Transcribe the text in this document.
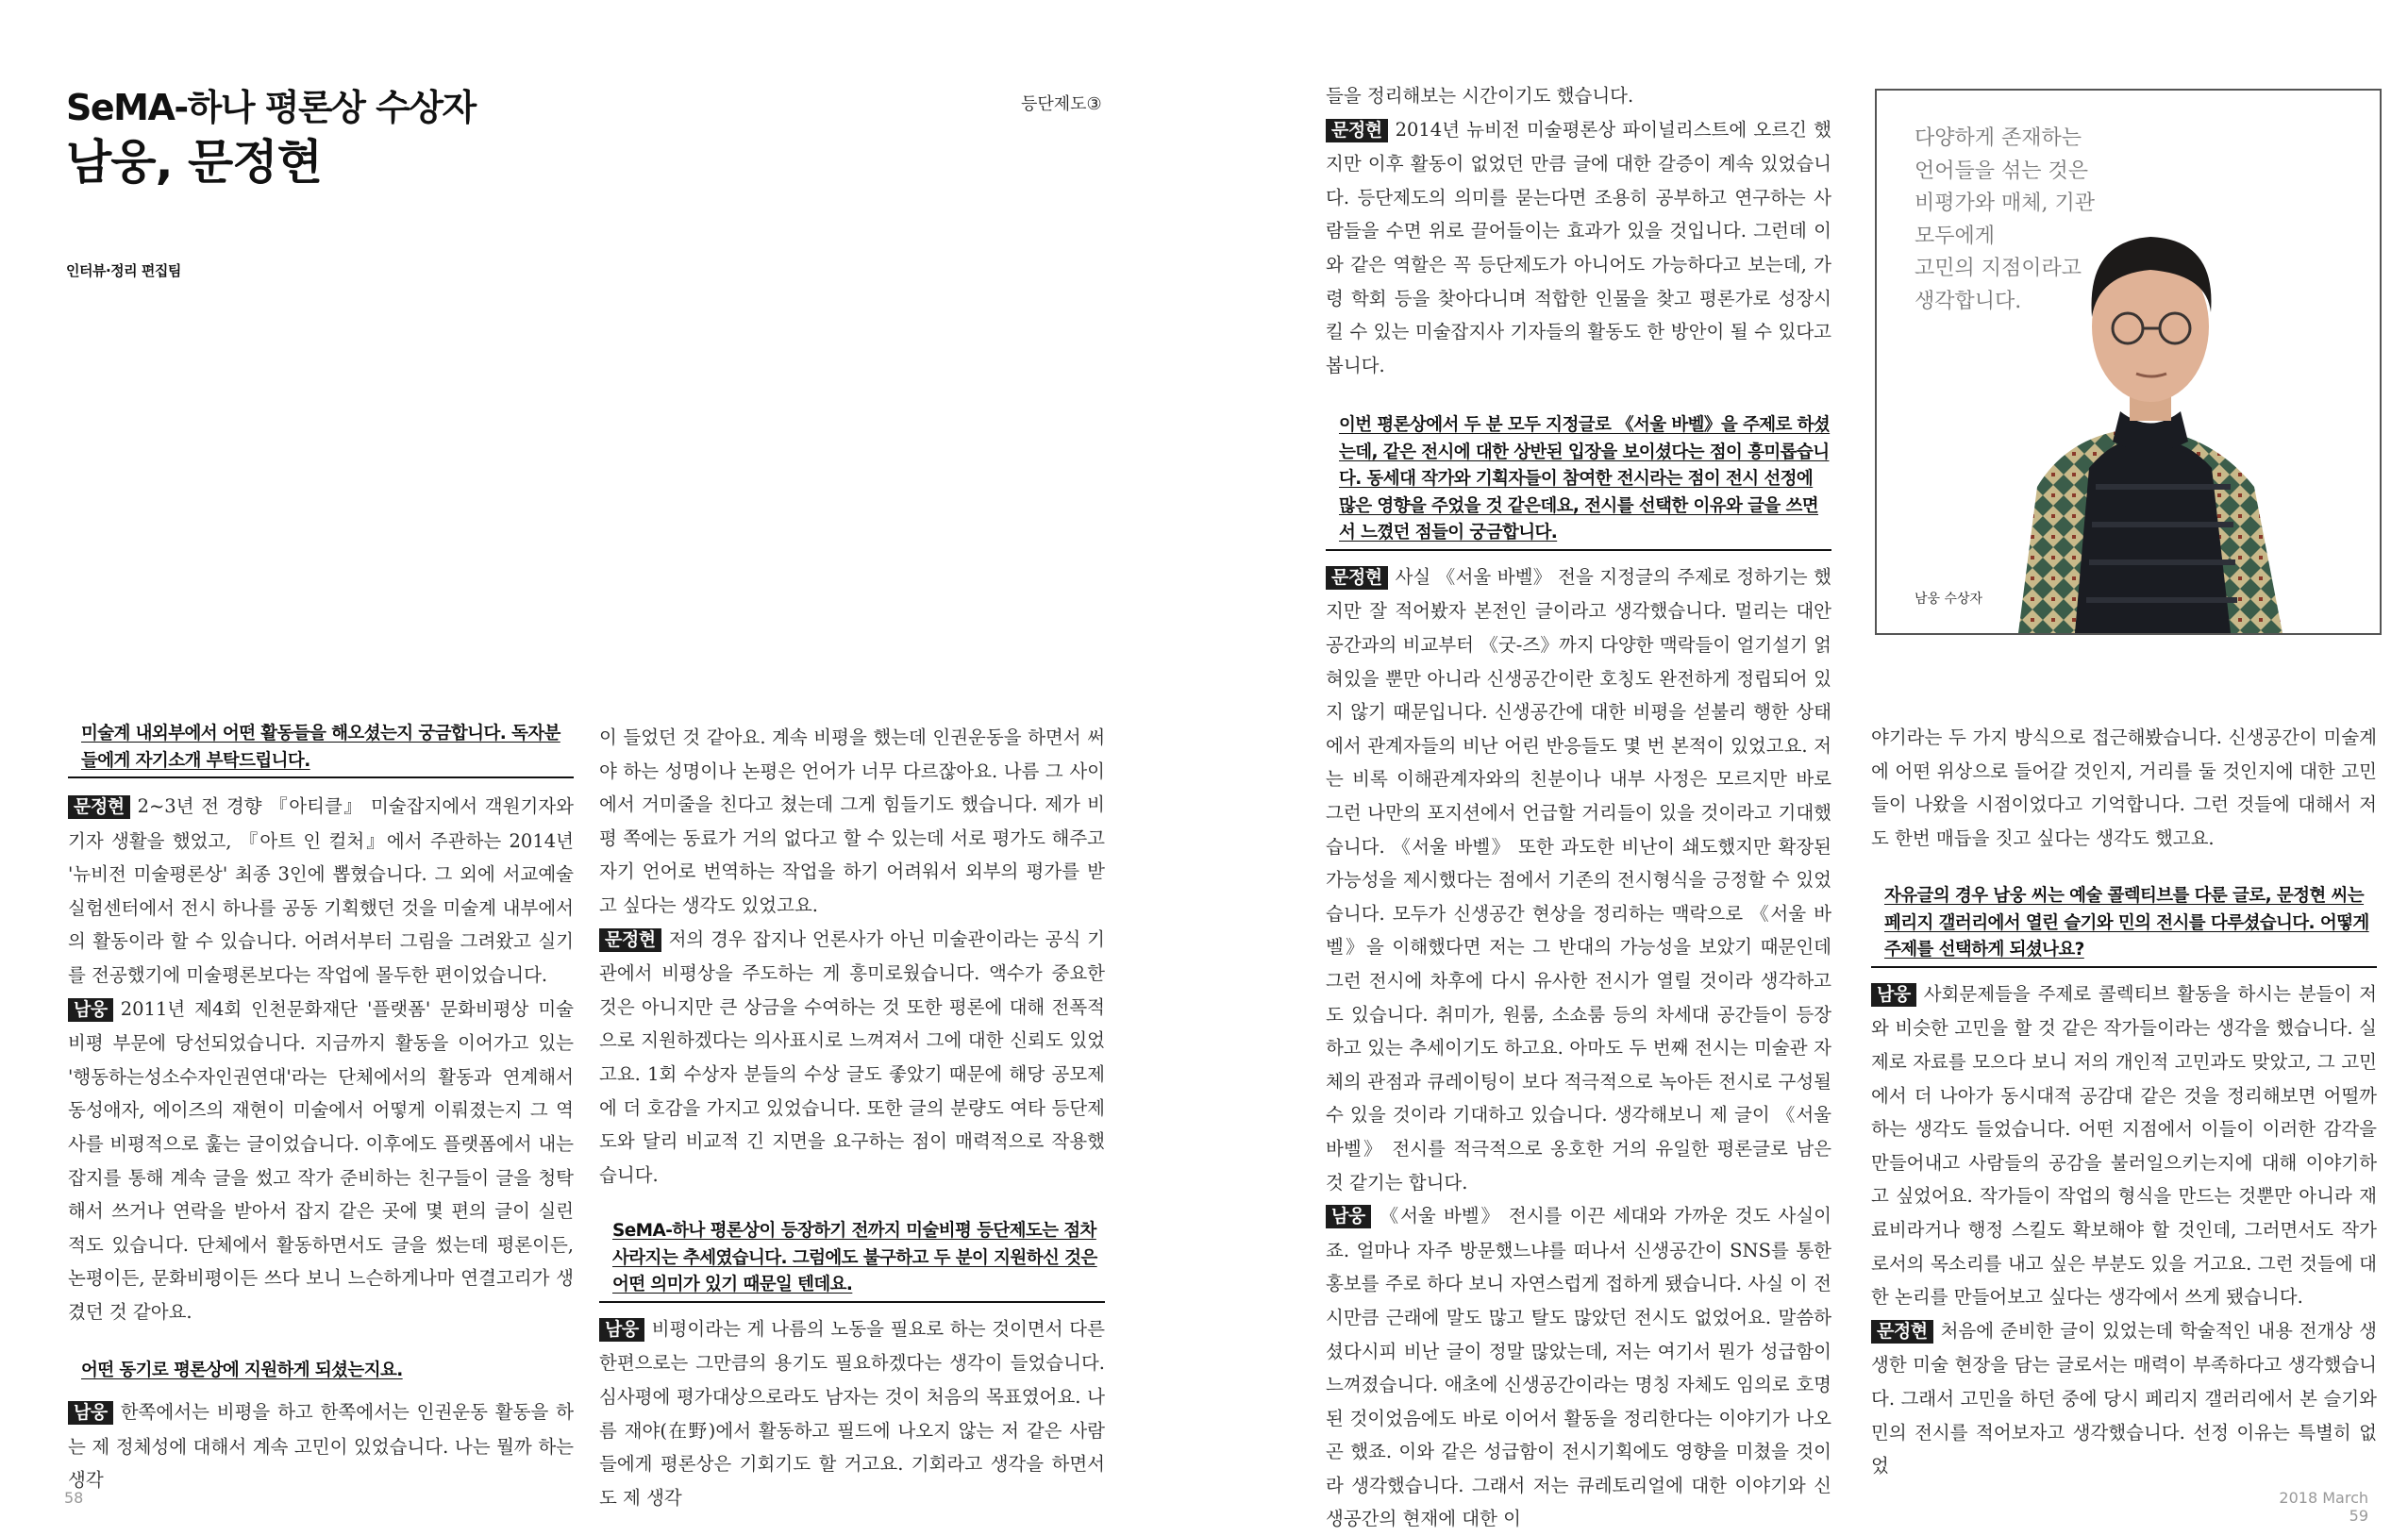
SeMA-하나 평론상 수상자
남웅, 문정현
인터뷰·정리 편집팀
등단제도③
미술계 내외부에서 어떤 활동들을 해오셨는지 궁금합니다. 독자분
들에게 자기소개 부탁드립니다.

문정현 2~3년 전 경향 『아티클』 미술잡지에서 객원기자와 기자 생활을 했었고, 『아트 인 컬처』에서 주관하는 2014년 '뉴비전 미술평론상' 최종 3인에 뽑혔습니다. 그 외에 서교예술실험센터에서 전시 하나를 공동 기획했던 것을 미술계 내부에서의 활동이라 할 수 있습니다. 어려서부터 그림을 그려왔고 실기를 전공했기에 미술평론보다는 작업에 몰두한 편이었습니다.

남웅 2011년 제4회 인천문화재단 '플랫폼' 문화비평상 미술비평 부문에 당선되었습니다. 지금까지 활동을 이어가고 있는 '행동하는성소수자인권연대'라는 단체에서의 활동과 연계해서 동성애자, 에이즈의 재현이 미술에서 어떻게 이뤄졌는지 그 역사를 비평적으로 훑는 글이었습니다. 이후에도 플랫폼에서 내는 잡지를 통해 계속 글을 썼고 작가 준비하는 친구들이 글을 청탁해서 쓰거나 연락을 받아서 잡지 같은 곳에 몇 편의 글이 실린 적도 있습니다. 단체에서 활동하면서도 글을 썼는데 평론이든, 논평이든, 문화비평이든 쓰다 보니 느슨하게나마 연결고리가 생겼던 것 같아요.

어떤 동기로 평론상에 지원하게 되셨는지요.

남웅 한쪽에서는 비평을 하고 한쪽에서는 인권운동 활동을 하는 제 정체성에 대해서 계속 고민이 있었습니다. 나는 뭘까 하는 생각

이 들었던 것 같아요. 계속 비평을 했는데 인권운동을 하면서 써야 하는 성명이나 논평은 언어가 너무 다르잖아요. 나름 그 사이에서 거미줄을 친다고 쳤는데 그게 힘들기도 했습니다. 제가 비평 쪽에는 동료가 거의 없다고 할 수 있는데 서로 평가도 해주고 자기 언어로 번역하는 작업을 하기 어려워서 외부의 평가를 받고 싶다는 생각도 있었고요.

문정현 저의 경우 잡지나 언론사가 아닌 미술관이라는 공식 기관에서 비평상을 주도하는 게 흥미로웠습니다. 액수가 중요한 것은 아니지만 큰 상금을 수여하는 것 또한 평론에 대해 전폭적으로 지원하겠다는 의사표시로 느껴져서 그에 대한 신뢰도 있었고요. 1회 수상자 분들의 수상 글도 좋았기 때문에 해당 공모제에 더 호감을 가지고 있었습니다. 또한 글의 분량도 여타 등단제도와 달리 비교적 긴 지면을 요구하는 점이 매력적으로 작용했습니다.

SeMA-하나 평론상이 등장하기 전까지 미술비평 등단제도는 점차
사라지는 추세였습니다. 그럼에도 불구하고 두 분이 지원하신 것은
어떤 의미가 있기 때문일 텐데요.

남웅 비평이라는 게 나름의 노동을 필요로 하는 것이면서 다른 한편으로는 그만큼의 용기도 필요하겠다는 생각이 들었습니다. 심사평에 평가대상으로라도 남자는 것이 처음의 목표였어요. 나름 재야(在野)에서 활동하고 필드에 나오지 않는 저 같은 사람들에게 평론상은 기회기도 할 거고요. 기회라고 생각을 하면서도 제 생각

들을 정리해보는 시간이기도 했습니다.

문정현 2014년 뉴비전 미술평론상 파이널리스트에 오르긴 했지만 이후 활동이 없었던 만큼 글에 대한 갈증이 계속 있었습니다. 등단제도의 의미를 묻는다면 조용히 공부하고 연구하는 사람들을 수면 위로 끌어들이는 효과가 있을 것입니다. 그런데 이와 같은 역할은 꼭 등단제도가 아니어도 가능하다고 보는데, 가령 학회 등을 찾아다니며 적합한 인물을 찾고 평론가로 성장시킬 수 있는 미술잡지사 기자들의 활동도 한 방안이 될 수 있다고 봅니다.

이번 평론상에서 두 분 모두 지정글로 《서울 바벨》을 주제로 하셨
는데, 같은 전시에 대한 상반된 입장을 보이셨다는 점이 흥미롭습니
다. 동세대 작가와 기획자들이 참여한 전시라는 점이 전시 선정에
많은 영향을 주었을 것 같은데요, 전시를 선택한 이유와 글을 쓰면
서 느꼈던 점들이 궁금합니다.

문정현 사실 《서울 바벨》 전을 지정글의 주제로 정하기는 했지만 잘 적어봤자 본전인 글이라고 생각했습니다. 멀리는 대안공간과의 비교부터 《굿-즈》까지 다양한 맥락들이 얼기설기 얽혀있을 뿐만 아니라 신생공간이란 호칭도 완전하게 정립되어 있지 않기 때문입니다. 신생공간에 대한 비평을 섣불리 행한 상태에서 관계자들의 비난 어린 반응들도 몇 번 본적이 있었고요. 저는 비록 이해관계자와의 친분이나 내부 사정은 모르지만 바로 그런 나만의 포지션에서 언급할 거리들이 있을 것이라고 기대했습니다. 《서울 바벨》 또한 과도한 비난이 쇄도했지만 확장된 가능성을 제시했다는 점에서 기존의 전시형식을 긍정할 수 있었습니다. 모두가 신생공간 현상을 정리하는 맥락으로 《서울 바벨》을 이해했다면 저는 그 반대의 가능성을 보았기 때문인데 그런 전시에 차후에 다시 유사한 전시가 열릴 것이라 생각하고도 있습니다. 취미가, 원룸, 소쇼룸 등의 차세대 공간들이 등장하고 있는 추세이기도 하고요. 아마도 두 번째 전시는 미술관 자체의 관점과 큐레이팅이 보다 적극적으로 녹아든 전시로 구성될 수 있을 것이라 기대하고 있습니다. 생각해보니 제 글이 《서울 바벨》 전시를 적극적으로 옹호한 거의 유일한 평론글로 남은 것 같기는 합니다.

남웅 《서울 바벨》 전시를 이끈 세대와 가까운 것도 사실이죠. 얼마나 자주 방문했느냐를 떠나서 신생공간이 SNS를 통한 홍보를 주로 하다 보니 자연스럽게 접하게 됐습니다. 사실 이 전시만큼 근래에 말도 많고 탈도 많았던 전시도 없었어요. 말씀하셨다시피 비난 글이 정말 많았는데, 저는 여기서 뭔가 성급함이 느껴졌습니다. 애초에 신생공간이라는 명칭 자체도 임의로 호명된 것이었음에도 바로 이어서 활동을 정리한다는 이야기가 나오곤 했죠. 이와 같은 성급함이 전시기획에도 영향을 미쳤을 것이라 생각했습니다. 그래서 저는 큐레토리얼에 대한 이야기와 신생공간의 현재에 대한 이

다양하게 존재하는
언어들을 섞는 것은
비평가와 매체, 기관
모두에게
고민의 지점이라고
생각합니다.
남웅 수상자

야기라는 두 가지 방식으로 접근해봤습니다. 신생공간이 미술계에 어떤 위상으로 들어갈 것인지, 거리를 둘 것인지에 대한 고민들이 나왔을 시점이었다고 기억합니다. 그런 것들에 대해서 저도 한번 매듭을 짓고 싶다는 생각도 했고요.

자유글의 경우 남웅 씨는 예술 콜렉티브를 다룬 글로, 문정현 씨는
페리지 갤러리에서 열린 슬기와 민의 전시를 다루셨습니다. 어떻게
주제를 선택하게 되셨나요?

남웅 사회문제들을 주제로 콜렉티브 활동을 하시는 분들이 저와 비슷한 고민을 할 것 같은 작가들이라는 생각을 했습니다. 실제로 자료를 모으다 보니 저의 개인적 고민과도 맞았고, 그 고민에서 더 나아가 동시대적 공감대 같은 것을 정리해보면 어떨까하는 생각도 들었습니다. 어떤 지점에서 이들이 이러한 감각을 만들어내고 사람들의 공감을 불러일으키는지에 대해 이야기하고 싶었어요. 작가들이 작업의 형식을 만드는 것뿐만 아니라 재료비라거나 행정 스킬도 확보해야 할 것인데, 그러면서도 작가로서의 목소리를 내고 싶은 부분도 있을 거고요. 그런 것들에 대한 논리를 만들어보고 싶다는 생각에서 쓰게 됐습니다.

문정현 처음에 준비한 글이 있었는데 학술적인 내용 전개상 생생한 미술 현장을 담는 글로서는 매력이 부족하다고 생각했습니다. 그래서 고민을 하던 중에 당시 페리지 갤러리에서 본 슬기와 민의 전시를 적어보자고 생각했습니다. 선정 이유는 특별히 없었

58	2018 March 59
